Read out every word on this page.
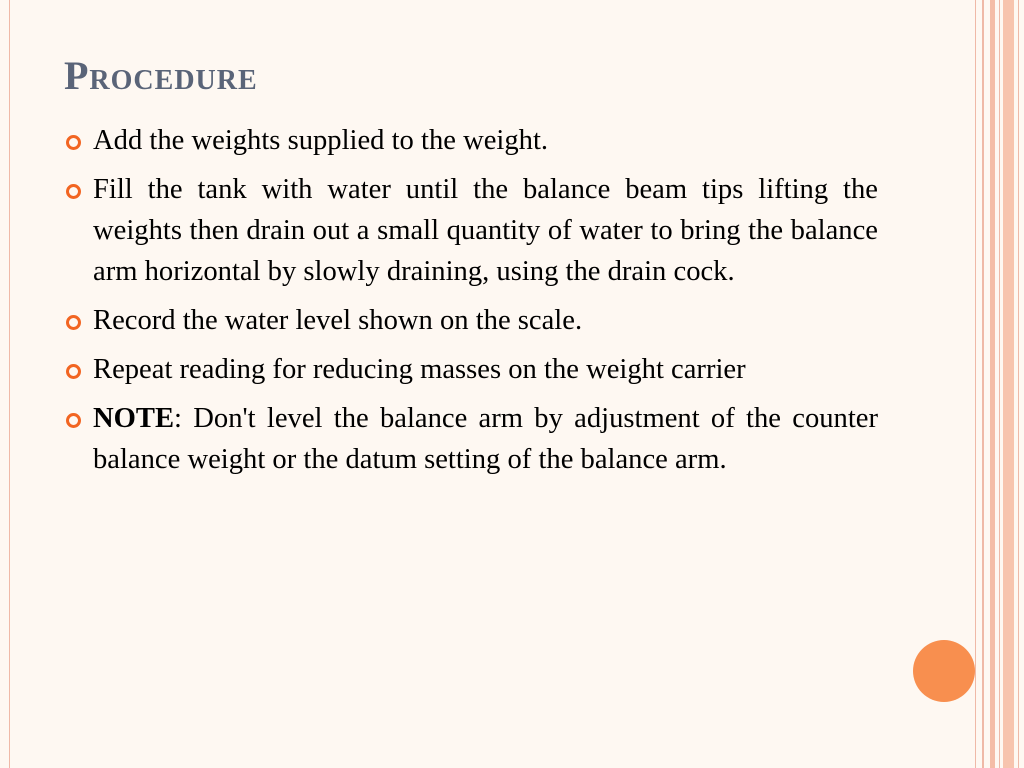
Procedure
Add the weights supplied to the weight.
Fill the tank with water until the balance beam tips lifting the weights then drain out a small quantity of water to bring the balance arm horizontal by slowly draining, using the drain cock.
Record the water level shown on the scale.
Repeat reading for reducing masses on the weight carrier
NOTE: Don't level the balance arm by adjustment of the counter balance weight or the datum setting of the balance arm.
